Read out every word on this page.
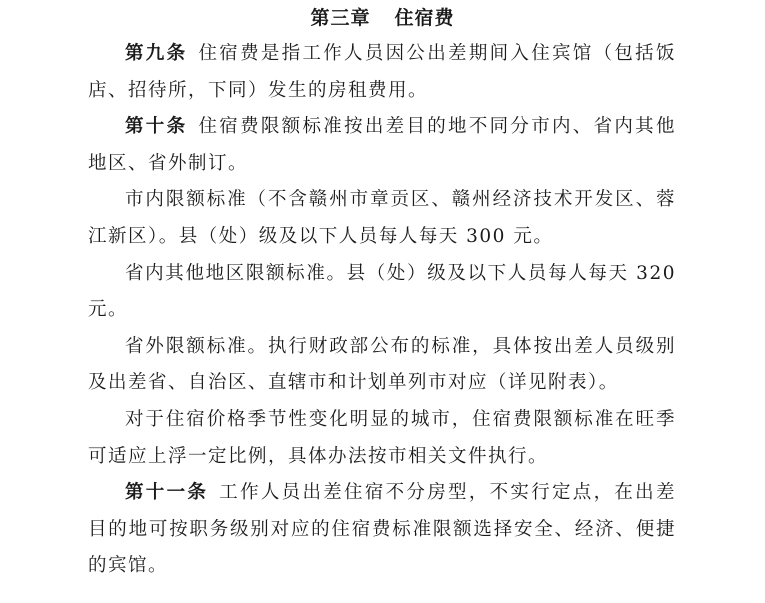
第三章 住宿费

第九条 住宿费是指工作人员因公出差期间入住宾馆（包括饭店、招待所，下同）发生的房租费用。

第十条 住宿费限额标准按出差目的地不同分市内、省内其他地区、省外制订。

市内限额标准（不含赣州市章贡区、赣州经济技术开发区、蓉江新区）。县（处）级及以下人员每人每天 300 元。

省内其他地区限额标准。县（处）级及以下人员每人每天 320 元。

省外限额标准。执行财政部公布的标准，具体按出差人员级别及出差省、自治区、直辖市和计划单列市对应（详见附表）。

对于住宿价格季节性变化明显的城市，住宿费限额标准在旺季可适应上浮一定比例，具体办法按市相关文件执行。

第十一条 工作人员出差住宿不分房型，不实行定点，在出差目的地可按职务级别对应的住宿费标准限额选择安全、经济、便捷的宾馆。
